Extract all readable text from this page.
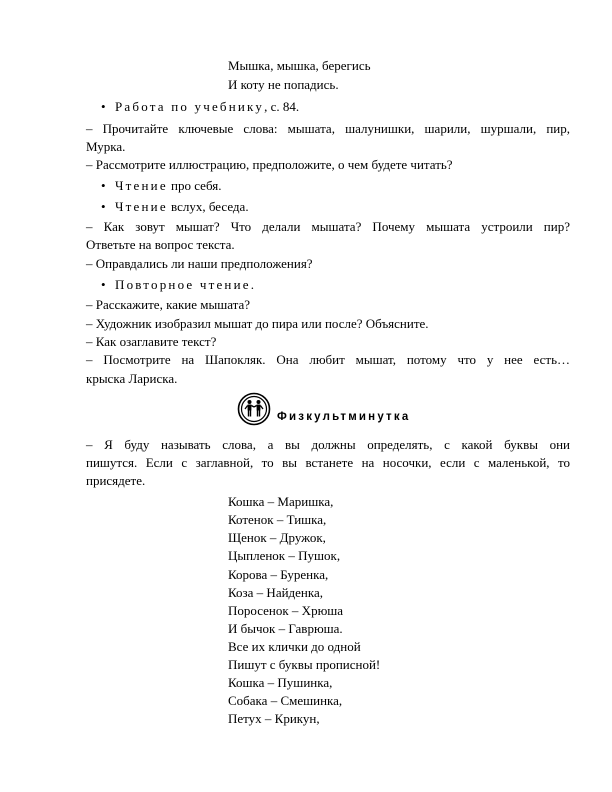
Мышка, мышка, берегись
И коту не попадись.
• Работа по учебнику, с. 84.
– Прочитайте ключевые слова: мышата, шалунишки, шарили, шуршали, пир,
Мурка.
– Рассмотрите иллюстрацию, предположите, о чем будете читать?
• Чтение про себя.
• Чтение вслух, беседа.
– Как зовут мышат? Что делали мышата? Почему мышата устроили пир?
Ответьте на вопрос текста.
– Оправдались ли наши предположения?
• Повторное чтение.
– Расскажите, какие мышата?
– Художник изобразил мышат до пира или после? Объясните.
– Как озаглавите текст?
– Посмотрите на Шапокляк. Она любит мышат, потому что у нее есть…
крыска Лариска.
Физкультминутка
– Я буду называть слова, а вы должны определять, с какой буквы они
пишутся. Если с заглавной, то вы встанете на носочки, если с маленькой, то
присядете.
Кошка – Маришка,
Котенок – Тишка,
Щенок – Дружок,
Цыпленок – Пушок,
Корова – Буренка,
Коза – Найденка,
Поросенок – Хрюша
И бычок – Гаврюша.
Все их клички до одной
Пишут с буквы прописной!
Кошка – Пушинка,
Собака – Смешинка,
Петух – Крикун,
